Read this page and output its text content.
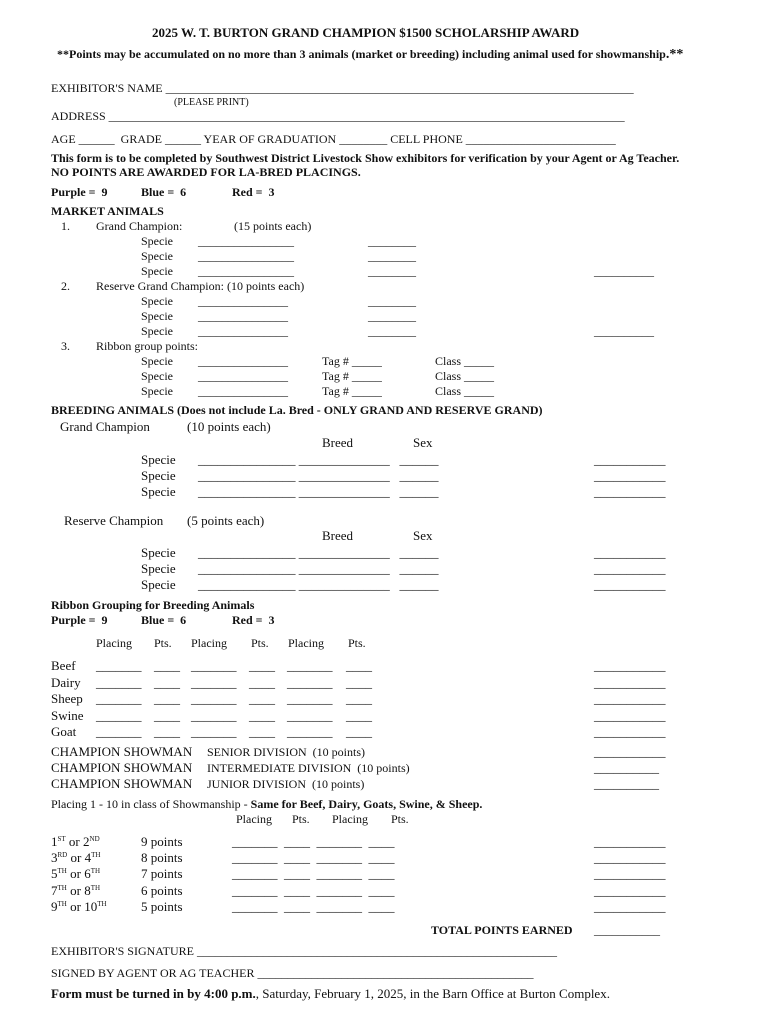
2025 W. T. BURTON GRAND CHAMPION $1500 SCHOLARSHIP AWARD
**Points may be accumulated on no more than 3 animals (market or breeding) including animal used for showmanship.**
EXHIBITOR'S NAME ______________________________________________________________________________
(PLEASE PRINT)
ADDRESS ______________________________________________________________________________________
AGE ______  GRADE ______ YEAR OF GRADUATION ________ CELL PHONE _________________________
This form is to be completed by Southwest District Livestock Show exhibitors for verification by your Agent or Ag Teacher.
NO POINTS ARE AWARDED FOR LA-BRED PLACINGS.
Purple =  9	Blue =  6	Red =  3
MARKET ANIMALS
1. Grand Champion:	(15 points each)
2. Reserve Grand Champion: (10 points each)
3. Ribbon group points:
BREEDING ANIMALS (Does not include La. Bred - ONLY GRAND AND RESERVE GRAND)
Grand Champion	(10 points each)
Breed	Sex
Reserve Champion (5 points each)
Breed	Sex
Ribbon Grouping for Breeding Animals
Purple =  9	Blue =  6	Red =  3
Placing Pts. Placing Pts. Placing Pts.
Placing 1 - 10 in class of Showmanship - Same for Beef, Dairy, Goats, Swine, & Sheep.
Placing Pts. Placing Pts.
TOTAL POINTS EARNED ___________
EXHIBITOR'S SIGNATURE ____________________________________________________________
SIGNED BY AGENT OR AG TEACHER ______________________________________________
Form must be turned in by 4:00 p.m., Saturday, February 1, 2025, in the Barn Office at Burton Complex.
Specie ________________	________
Specie ________________	________
Specie ________________	________	__________
Specie _______________	________
Specie _______________	________
Specie _______________	________	__________
Specie _______________	Tag # _____	Class _____
Specie _______________	Tag # _____	Class _____
Specie _______________	Tag # _____	Class _____
Specie _______________ ______________   ______	___________
Specie _______________ ______________   ______	___________
Specie _______________ ______________   ______	___________
Specie _______________ ______________   ______	___________
Specie _______________ ______________   ______	___________
Specie _______________ ______________   ______	___________
Beef _______ ____ _______ ____ _______ ____	___________
Dairy _______ ____ _______ ____ _______ ____	___________
Sheep _______ ____ _______ ____ _______ ____	___________
Swine _______ ____ _______ ____ _______ ____	___________
Goat _______ ____ _______ ____ _______ ____	___________
CHAMPION SHOWMAN SENIOR DIVISION  (10 points)	___________
CHAMPION SHOWMAN INTERMEDIATE DIVISION  (10 points)	__________
CHAMPION SHOWMAN JUNIOR DIVISION  (10 points)	__________
1ST or 2ND	9 points	_______  ____  _______  ____	___________
3RD or 4TH	8 points	_______  ____  _______  ____	___________
5TH or 6TH	7 points	_______  ____  _______  ____	___________
7TH or 8TH	6 points	_______  ____  _______  ____	___________
9TH or 10TH	5 points	_______  ____  _______  ____	___________
